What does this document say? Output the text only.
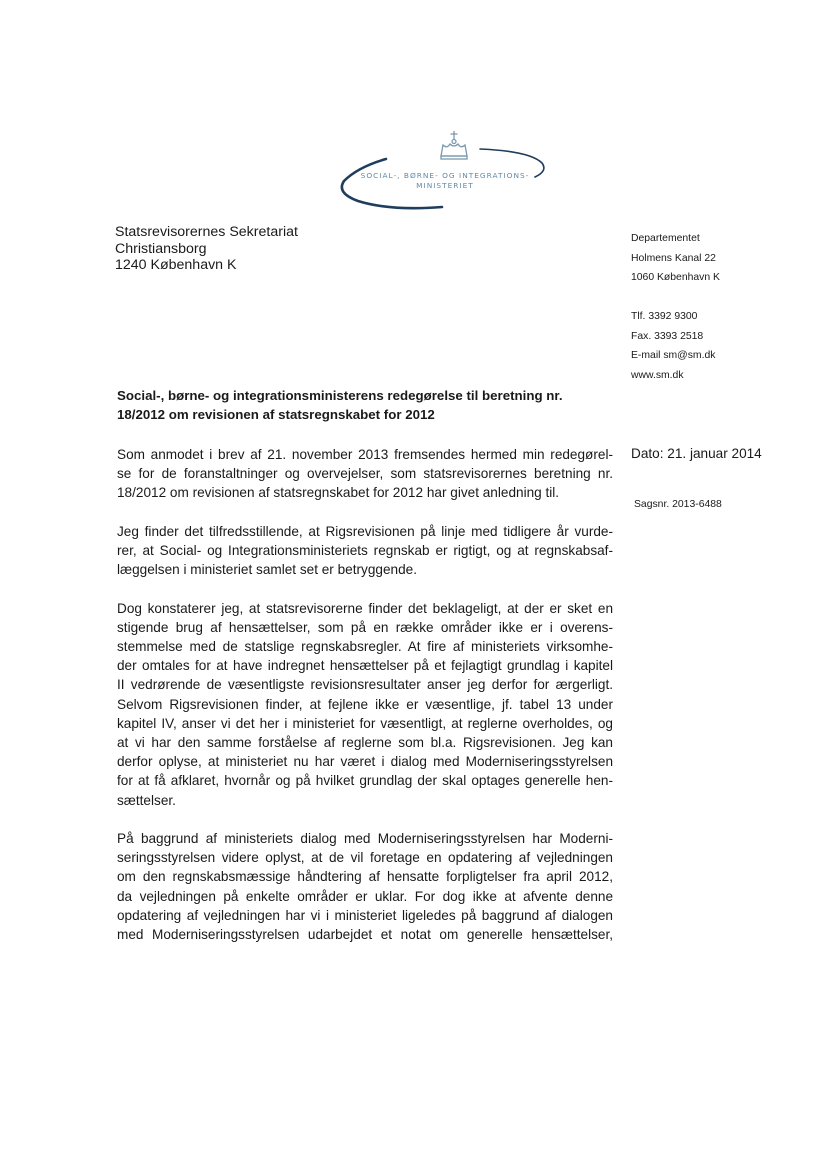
SOCIAL-, BØRNE- OG INTEGRATIONS-
MINISTERIET
Statsrevisorernes Sekretariat
Christiansborg
1240 København K
Departementet
Holmens Kanal 22
1060 København K
Tlf. 3392 9300
Fax. 3393 2518
E-mail sm@sm.dk
www.sm.dk
Social-, børne- og integrationsministerens redegørelse til beretning nr.
18/2012 om revisionen af statsregnskabet for 2012
Dato: 21. januar 2014
Sagsnr. 2013-6488
Som anmodet i brev af 21. november 2013 fremsendes hermed min redegørel-
se for de foranstaltninger og overvejelser, som statsrevisorernes beretning nr.
18/2012 om revisionen af statsregnskabet for 2012 har givet anledning til.
Jeg finder det tilfredsstillende, at Rigsrevisionen på linje med tidligere år vurde-
rer, at Social- og Integrationsministeriets regnskab er rigtigt, og at regnskabsaf-
læggelsen i ministeriet samlet set er betryggende.
Dog konstaterer jeg, at statsrevisorerne finder det beklageligt, at der er sket en
stigende brug af hensættelser, som på en række områder ikke er i overens-
stemmelse med de statslige regnskabsregler. At fire af ministeriets virksomhe-
der omtales for at have indregnet hensættelser på et fejlagtigt grundlag i kapitel
II vedrørende de væsentligste revisionsresultater anser jeg derfor for ærgerligt.
Selvom Rigsrevisionen finder, at fejlene ikke er væsentlige, jf. tabel 13 under
kapitel IV, anser vi det her i ministeriet for væsentligt, at reglerne overholdes, og
at vi har den samme forståelse af reglerne som bl.a. Rigsrevisionen. Jeg kan
derfor oplyse, at ministeriet nu har været i dialog med Moderniseringsstyrelsen
for at få afklaret, hvornår og på hvilket grundlag der skal optages generelle hen-
sættelser.
På baggrund af ministeriets dialog med Moderniseringsstyrelsen har Moderni-
seringsstyrelsen videre oplyst, at de vil foretage en opdatering af vejledningen
om den regnskabsmæssige håndtering af hensatte forpligtelser fra april 2012,
da vejledningen på enkelte områder er uklar. For dog ikke at afvente denne
opdatering af vejledningen har vi i ministeriet ligeledes på baggrund af dialogen
med Moderniseringsstyrelsen udarbejdet et notat om generelle hensættelser,
